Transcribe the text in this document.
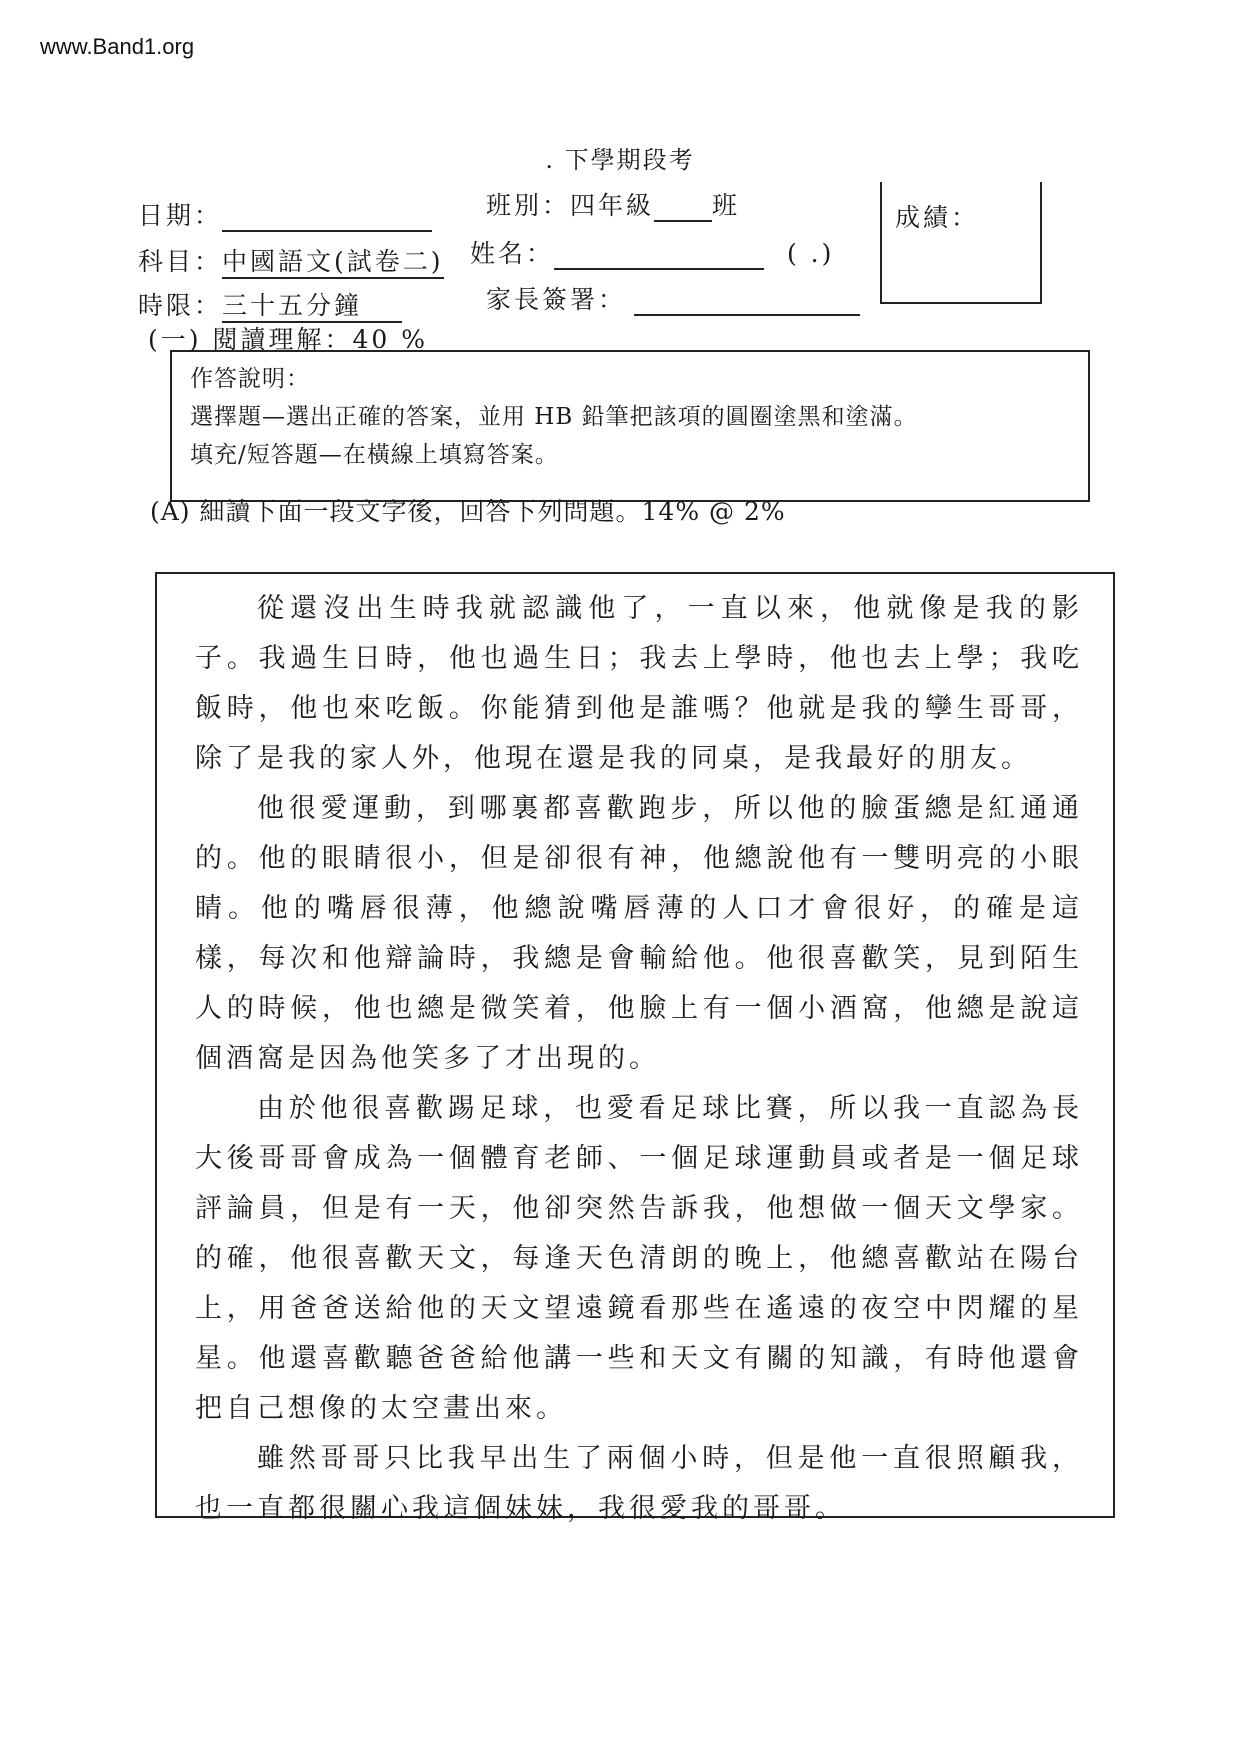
www.Band1.org
. 下學期段考
日期：	班別：四年級 班
科目：中國語文(試卷二) 姓名：	( .)
時限：三十五分鐘	家長簽署：
成績：
(一) 閱讀理解：40 %
作答說明：
選擇題—選出正確的答案，並用 HB 鉛筆把該項的圓圈塗黑和塗滿。
填充/短答題—在橫線上填寫答案。
(A) 細讀下面一段文字後，回答下列問題。14% @ 2%

從還沒出生時我就認識他了，一直以來，他就像是我的影子。我過生日時，他也過生日；我去上學時，他也去上學；我吃飯時，他也來吃飯。你能猜到他是誰嗎？他就是我的孿生哥哥，除了是我的家人外，他現在還是我的同桌，是我最好的朋友。

他很愛運動，到哪裏都喜歡跑步，所以他的臉蛋總是紅通通的。他的眼睛很小，但是卻很有神，他總說他有一雙明亮的小眼睛。他的嘴唇很薄，他總說嘴唇薄的人口才會很好，的確是這樣，每次和他辯論時，我總是會輸給他。他很喜歡笑，見到陌生人的時候，他也總是微笑着，他臉上有一個小酒窩，他總是說這個酒窩是因為他笑多了才出現的。

由於他很喜歡踢足球，也愛看足球比賽，所以我一直認為長大後哥哥會成為一個體育老師、一個足球運動員或者是一個足球評論員，但是有一天，他卻突然告訴我，他想做一個天文學家。的確，他很喜歡天文，每逢天色清朗的晚上，他總喜歡站在陽台上，用爸爸送給他的天文望遠鏡看那些在遙遠的夜空中閃耀的星星。他還喜歡聽爸爸給他講一些和天文有關的知識，有時他還會把自己想像的太空畫出來。

雖然哥哥只比我早出生了兩個小時，但是他一直很照顧我，也一直都很關心我這個妹妹，我很愛我的哥哥。
